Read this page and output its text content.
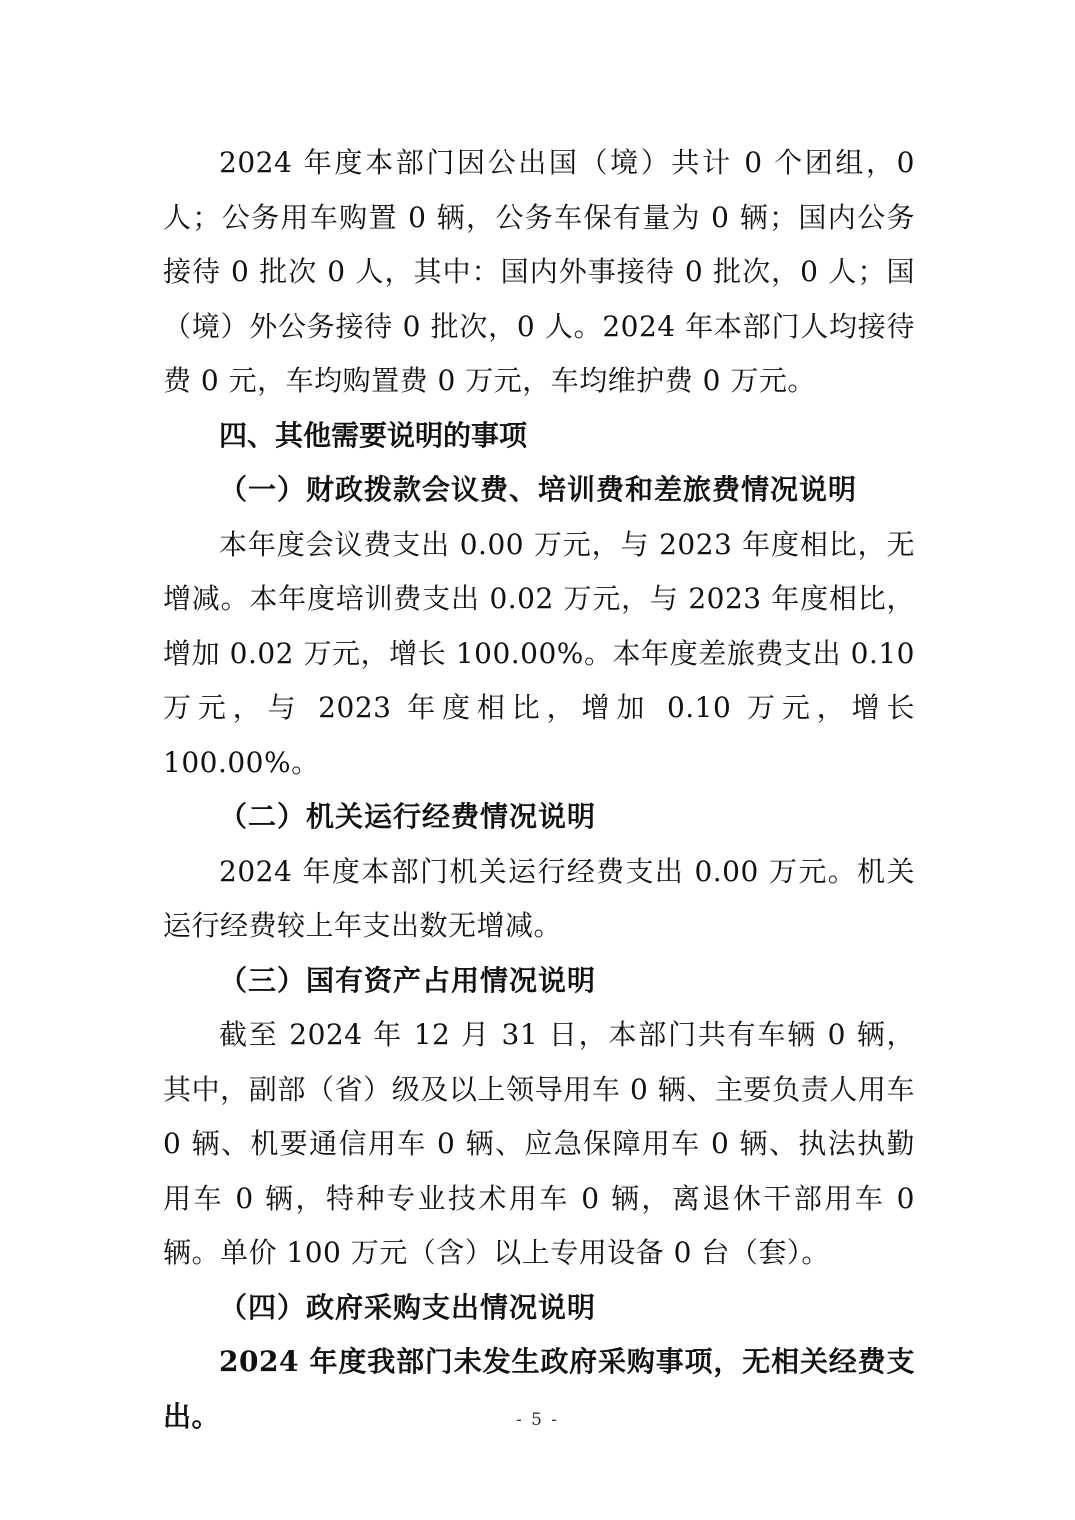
2024 年度本部门因公出国（境）共计 0 个团组，0 人；公务用车购置 0 辆，公务车保有量为 0 辆；国内公务接待 0 批次 0 人，其中：国内外事接待 0 批次，0 人；国（境）外公务接待 0 批次，0 人。2024 年本部门人均接待费 0 元，车均购置费 0 万元，车均维护费 0 万元。

四、其他需要说明的事项

（一）财政拨款会议费、培训费和差旅费情况说明

本年度会议费支出 0.00 万元，与 2023 年度相比，无增减。本年度培训费支出 0.02 万元，与 2023 年度相比，增加 0.02 万元，增长 100.00%。本年度差旅费支出 0.10 万元，与 2023 年度相比，增加 0.10 万元，增长 100.00%。

（二）机关运行经费情况说明

2024 年度本部门机关运行经费支出 0.00 万元。机关运行经费较上年支出数无增减。

（三）国有资产占用情况说明

截至 2024 年 12 月 31 日，本部门共有车辆 0 辆，其中，副部（省）级及以上领导用车 0 辆、主要负责人用车 0 辆、机要通信用车 0 辆、应急保障用车 0 辆、执法执勤用车 0 辆，特种专业技术用车 0 辆，离退休干部用车 0 辆。单价 100 万元（含）以上专用设备 0 台（套）。

（四）政府采购支出情况说明

2024 年度我部门未发生政府采购事项，无相关经费支出。	- 5 -
